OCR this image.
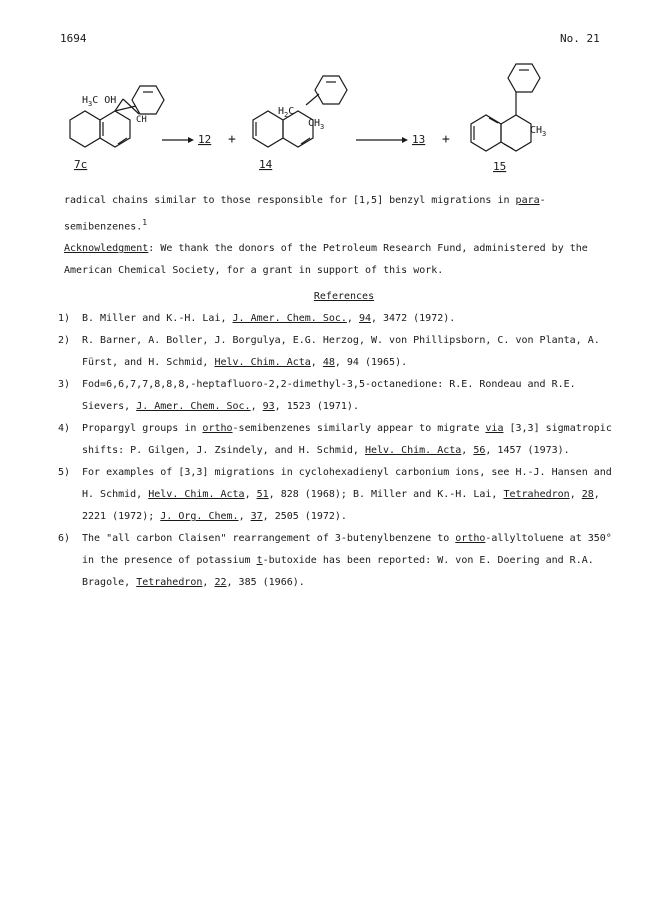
1694	No. 21
$H_3C$ OH
CH
7c
12 +
$H_2C$
$CH_3$
14
13 +
$CH_3$
15

radical chains similar to those responsible for [1,5] benzyl migrations in para-semibenzenes.$^1$

Acknowledgment: We thank the donors of the Petroleum Research Fund, administered by the American Chemical Society, for a grant in support of this work.

References
1)	B. Miller and K.-H. Lai, J. Amer. Chem. Soc., 94, 3472 (1972).
2)	R. Barner, A. Boller, J. Borgulya, E.G. Herzog, W. von Phillipsborn, C. von Planta, A. Fürst, and H. Schmid, Helv. Chim. Acta, 48, 94 (1965).
3)	Fod=6,6,7,7,8,8,8,-heptafluoro-2,2-dimethyl-3,5-octanedione: R.E. Rondeau and R.E. Sievers, J. Amer. Chem. Soc., 93, 1523 (1971).
4)	Propargyl groups in ortho-semibenzenes similarly appear to migrate via [3,3] sigmatropic shifts: P. Gilgen, J. Zsindely, and H. Schmid, Helv. Chim. Acta, 56, 1457 (1973).
5)	For examples of [3,3] migrations in cyclohexadienyl carbonium ions, see H.-J. Hansen and H. Schmid, Helv. Chim. Acta, 51, 828 (1968); B. Miller and K.-H. Lai, Tetrahedron, 28, 2221 (1972); J. Org. Chem., 37, 2505 (1972).
6)	The "all carbon Claisen" rearrangement of 3-butenylbenzene to ortho-allyltoluene at 350° in the presence of potassium t-butoxide has been reported: W. von E. Doering and R.A. Bragole, Tetrahedron, 22, 385 (1966).
